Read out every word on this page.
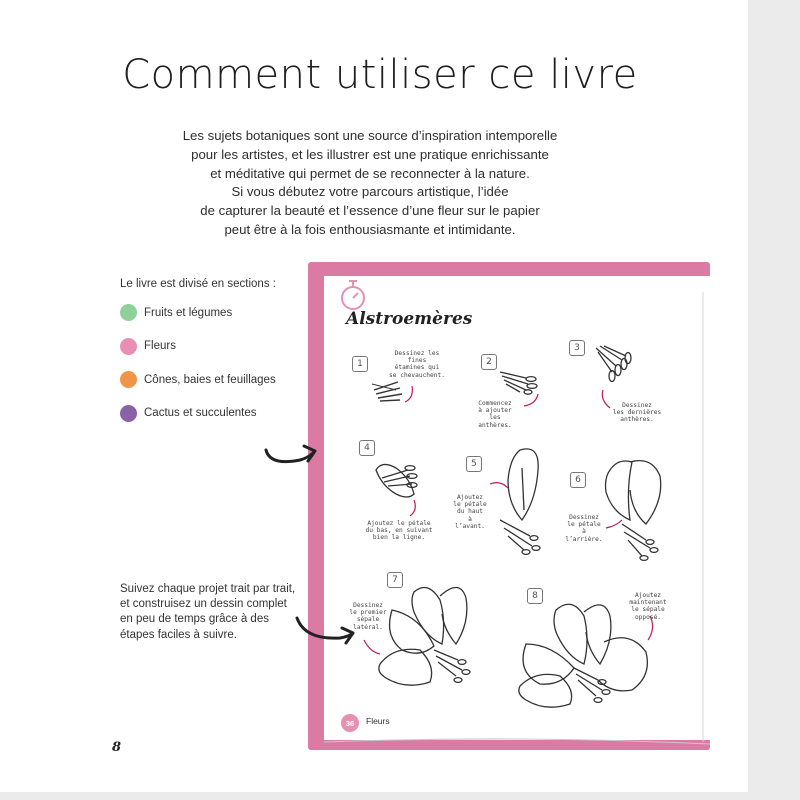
Comment utiliser ce livre

Les sujets botaniques sont une source d’inspiration intemporelle
pour les artistes, et les illustrer est une pratique enrichissante
et méditative qui permet de se reconnecter à la nature.
Si vous débutez votre parcours artistique, l’idée
de capturer la beauté et l’essence d’une fleur sur le papier
peut être à la fois enthousiasmante et intimidante.

Le livre est divisé en sections :
Fruits et légumes
Fleurs
Cônes, baies et feuillages
Cactus et succulentes

Suivez chaque projet trait par trait, et construisez un dessin complet en peu de temps grâce à des étapes faciles à suivre.

8
Alstroemères
1	2
3
4
5
6
7
8
Dessinez les fines
étamines qui
se chevauchent.
Commencez
à ajouter
les anthères.
Dessinez
les dernières
anthères.
Ajoutez le pétale
du bas, en suivant
bien la ligne.
Ajoutez
le pétale
du haut
à l’avant.
Dessinez
le pétale
à l’arrière.
Dessinez
le premier
sépale latéral.
Ajoutez
maintenant
le sépale opposé.
36	Fleurs
